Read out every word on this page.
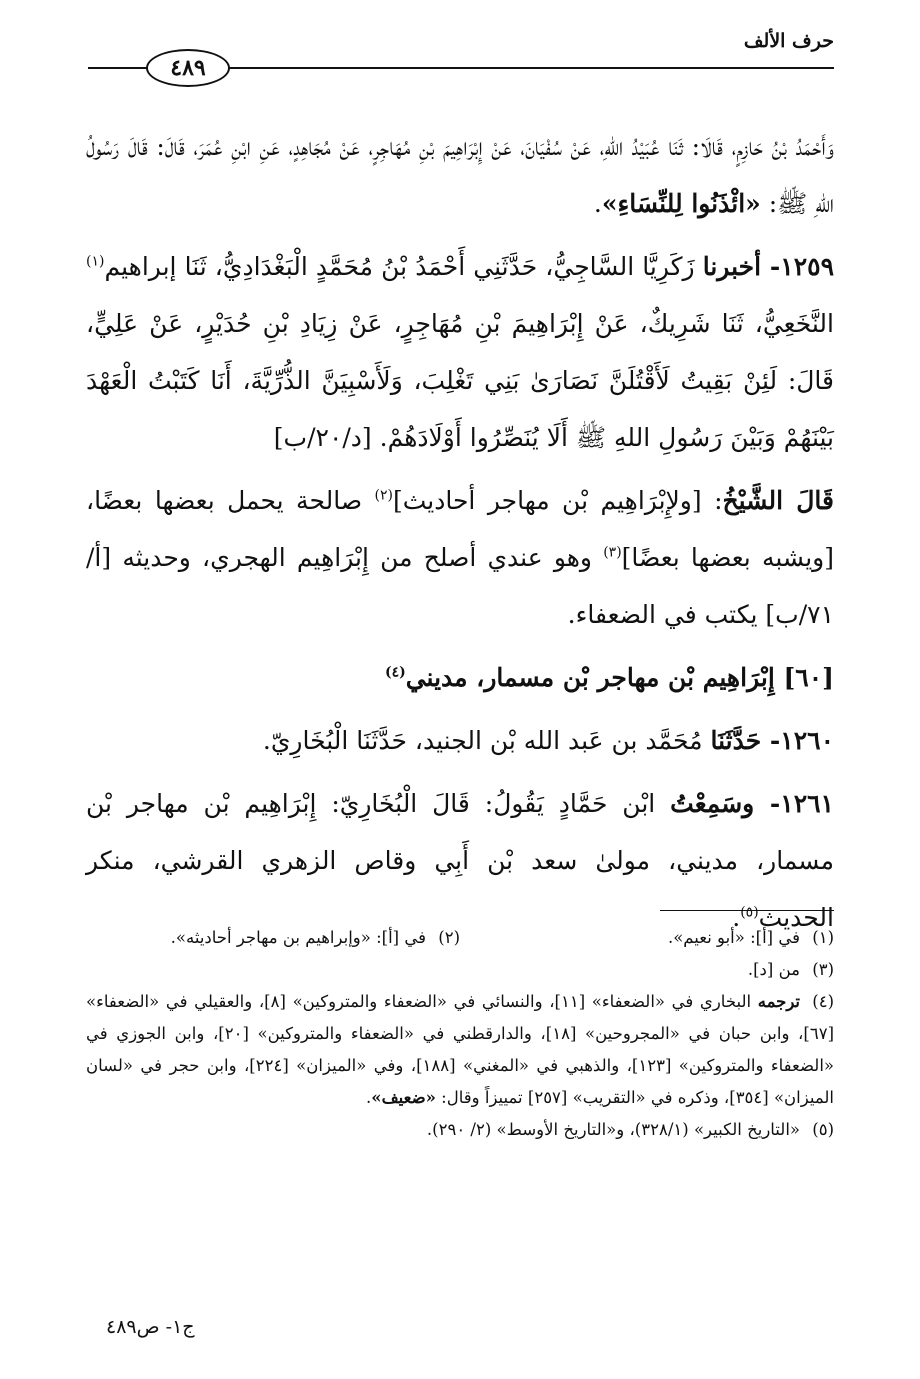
حرف الألف
٤٨٩

وَأَحْمَدُ بْنُ حَازِمٍ، قَالَا: ثَنَا عُبَيْدُ اللهِ، عَنْ سُفْيَانَ، عَنْ إِبْرَاهِيمَ بْنِ مُهَاجِرٍ، عَنْ مُجَاهِدٍ، عَنِ ابْنِ عُمَرَ، قَالَ: قَالَ رَسُولُ اللهِ ﷺ: «ائْذَنُوا لِلنِّسَاءِ».

١٢٥٩- أخبرنا زَكَرِيَّا السَّاجِيُّ، حَدَّثَنِي أَحْمَدُ بْنُ مُحَمَّدٍ الْبَغْدَادِيُّ، ثَنَا إبراهيم$^{(١)}$ النَّخَعِيُّ، ثَنَا شَرِيكٌ، عَنْ إِبْرَاهِيمَ بْنِ مُهَاجِرٍ، عَنْ زِيَادِ بْنِ حُدَيْرٍ، عَنْ عَلِيٍّ، قَالَ: لَئِنْ بَقِيتُ لَأَقْتُلَنَّ نَصَارَىٰ بَنِي تَغْلِبَ، وَلَأَسْبِيَنَّ الذُّرِّيَّةَ، أَنَا كَتَبْتُ الْعَهْدَ بَيْنَهُمْ وَبَيْنَ رَسُولِ اللهِ ﷺ أَلَا يُنَصِّرُوا أَوْلَادَهُمْ. [د/٢٠/ب]

قَالَ الشَّيْخُ: [ولإِبْرَاهِيم بْن مهاجر أحاديث]$^{(٢)}$ صالحة يحمل بعضها بعضًا، [ويشبه بعضها بعضًا]$^{(٣)}$ وهو عندي أصلح من إِبْرَاهِيم الهجري، وحديثه [أ/٧١/ب] يكتب في الضعفاء.

[٦٠] إِبْرَاهِيم بْن مهاجر بْن مسمار، مديني$^{(٤)}$

١٢٦٠- حَدَّثَنَا مُحَمَّد بن عَبد الله بْن الجنيد، حَدَّثَنَا الْبُخَارِيّ.

١٢٦١- وسَمِعْتُ ابْن حَمَّادٍ يَقُولُ: قَالَ الْبُخَارِيّ: إِبْرَاهِيم بْن مهاجر بْن مسمار، مديني، مولىٰ سعد بْن أَبِي وقاص الزهري القرشي، منكر الحديث$^{(٥)}$.

(١)في [أ]: «أبو نعيم».
(٢)في [أ]: «وإبراهيم بن مهاجر أحاديثه».

(٣)من [د].

(٤)ترجمه البخاري في «الضعفاء» [١١]، والنسائي في «الضعفاء والمتروكين» [٨]، والعقيلي في «الضعفاء» [٦٧]، وابن حبان في «المجروحين» [١٨]، والدارقطني في «الضعفاء والمتروكين» [٢٠]، وابن الجوزي في «الضعفاء والمتروكين» [١٢٣]، والذهبي في «المغني» [١٨٨]، وفي «الميزان» [٢٢٤]، وابن حجر في «لسان الميزان» [٣٥٤]، وذكره في «التقريب» [٢٥٧] تمييزاً وقال: «ضعيف».

(٥)«التاريخ الكبير» (٣٢٨/١)، و«التاريخ الأوسط» (٢/ ٢٩٠).

ج١- ص٤٨٩
